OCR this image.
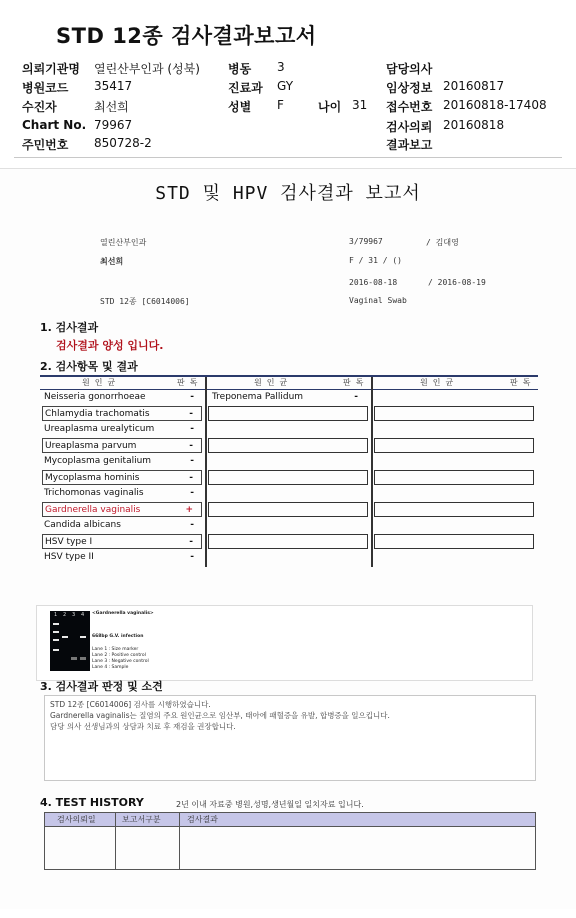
STD 12종 검사결과보고서
의뢰기관명 열린산부인과 (성북) 병동 3	담당의사
병원코드 35417	진료과 GY	임상정보 20160817
수진자	최선희	성별 F	나이 31 접수번호 20160818-17408
Chart No. 79967	검사의뢰 20160818
주민번호 850728-2	결과보고
STD 및 HPV 검사결과 보고서
열린산부인과
최선희
STD 12종 [C6014006]
3/79967	/ 김대영
F / 31 / ()
2016-08-18	/ 2016-08-19
Vaginal Swab
1. 검사결과
검사결과 양성 입니다.
2. 검사항목 및 결과
원인균	판독	원인균	판독	원인균	판독
Neisseria gonorrhoeae	-
Chlamydia trachomatis	-
Ureaplasma urealyticum	-
Ureaplasma parvum	-
Mycoplasma genitalium	-
Mycoplasma hominis	-
Trichomonas vaginalis	-
Gardnerella vaginalis	+
Candida albicans	-
HSV type I	-
HSV type II	-
Treponema Pallidum	-
1 2 3 4 <Gardnerella vaginalis>
668bp G.V. infection
Lane 1 : Size marker
Lane 2 : Positive control
Lane 3 : Negative control
Lane 4 : Sample
3. 검사결과 판정 및 소견
STD 12종 [C6014006] 검사를 시행하였습니다.
Gardnerella vaginalis는 질염의 주요 원인균으로 임산부, 태아에 패혈증을 유발, 합병증을 일으킵니다.
담당 의사 선생님과의 상담과 치료 후 재검을 권장합니다.
4. TEST HISTORY	2년 이내 자료중 병원,성명,생년월일 일치자료 입니다.
검사의뢰일	보고서구분	검사결과
